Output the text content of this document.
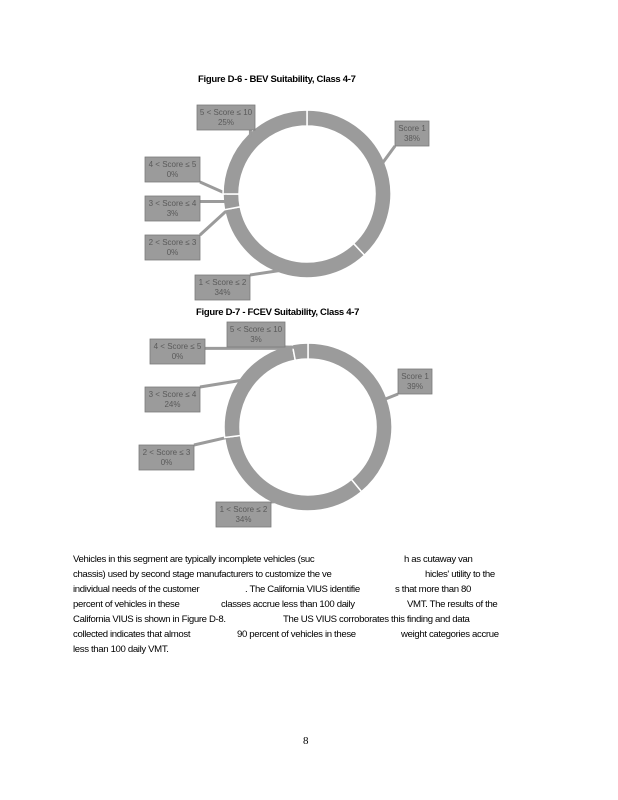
Figure D-6 - BEV Suitability, Class 4-7
Score 1
38%
1 < Score ≤ 2
34%
2 < Score ≤ 3
0%
3 < Score ≤ 4
3%
4 < Score ≤ 5
0%
5 < Score ≤ 10
25%
Figure D-7 - FCEV Suitability, Class 4-7
Score 1
39%
1 < Score ≤ 2
34%
2 < Score ≤ 3
0%
3 < Score ≤ 4
24%
4 < Score ≤ 5
0%
5 < Score ≤ 10
3%
Vehicles in this segment are typically incomplete vehicles (suc	h as cutaway van
chassis) used by second stage manufacturers to customize the ve	hicles' utility to the
individual needs of the customer	. The California VIUS identifie	s that more than 80
percent of vehicles in these	classes accrue less than 100 daily	VMT. The results of the
California VIUS is shown in Figure D-8.	The US VIUS corroborates this finding and data
collected indicates that almost	90 percent of vehicles in these	weight categories accrue
less than 100 daily VMT.
8
